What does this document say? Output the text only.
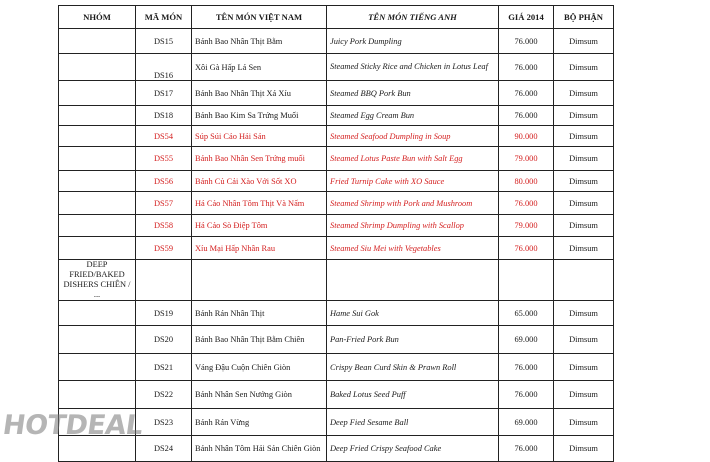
NHÓM	MÃ MÓN	TÊN MÓN VIỆT NAM	TÊN MÓN TIẾNG ANH	GIÁ 2014	BỘ PHẬN
	DS15	Bánh Bao Nhân Thịt Bằm	Juicy Pork Dumpling	76.000	Dimsum
	DS16	Xôi Gà Hấp Lá Sen	Steamed Sticky Rice and Chicken in Lotus Leaf	76.000	Dimsum
	DS17	Bánh Bao Nhân Thịt Xá Xíu	Steamed BBQ Pork Bun	76.000	Dimsum
	DS18	Bánh Bao Kim Sa Trứng Muối	Steamed Egg Cream Bun	76.000	Dimsum
	DS54	Súp Súi Cảo Hải Sản	Steamed Seafood Dumpling in Soup	90.000	Dimsum
	DS55	Bánh Bao Nhân Sen Trứng muối	Steamed Lotus Paste Bun with Salt Egg	79.000	Dimsum
	DS56	Bánh Củ Cải Xào Với Sốt XO	Fried Turnip Cake with XO Sauce	80.000	Dimsum
	DS57	Há Cảo Nhân Tôm Thịt Và Nấm	Steamed Shrimp with Pork and Mushroom	76.000	Dimsum
	DS58	Há Cảo Sò Điệp Tôm	Steamed Shrimp Dumpling with Scallop	79.000	Dimsum
	DS59	Xíu Mại Hấp Nhân Rau	Steamed Siu Mei with Vegetables	76.000	Dimsum
DEEP FRIED/BAKED DISHERS CHIÊN / ...					
	DS19	Bánh Rán Nhân Thịt	Hame Sui Gok	65.000	Dimsum
	DS20	Bánh Bao Nhân Thịt Bằm Chiên	Pan-Fried Pork Bun	69.000	Dimsum
	DS21	Váng Đậu Cuộn Chiên Giòn	Crispy Bean Curd Skin & Prawn Roll	76.000	Dimsum
	DS22	Bánh Nhân Sen Nướng Giòn	Baked Lotus Seed Puff	76.000	Dimsum
	DS23	Bánh Rán Vừng	Deep Fied Sesame Ball	69.000	Dimsum
	DS24	Bánh Nhân Tôm Hải Sản Chiên Giòn	Deep Fried Crispy Seafood Cake	76.000	Dimsum
HOTDEAL
